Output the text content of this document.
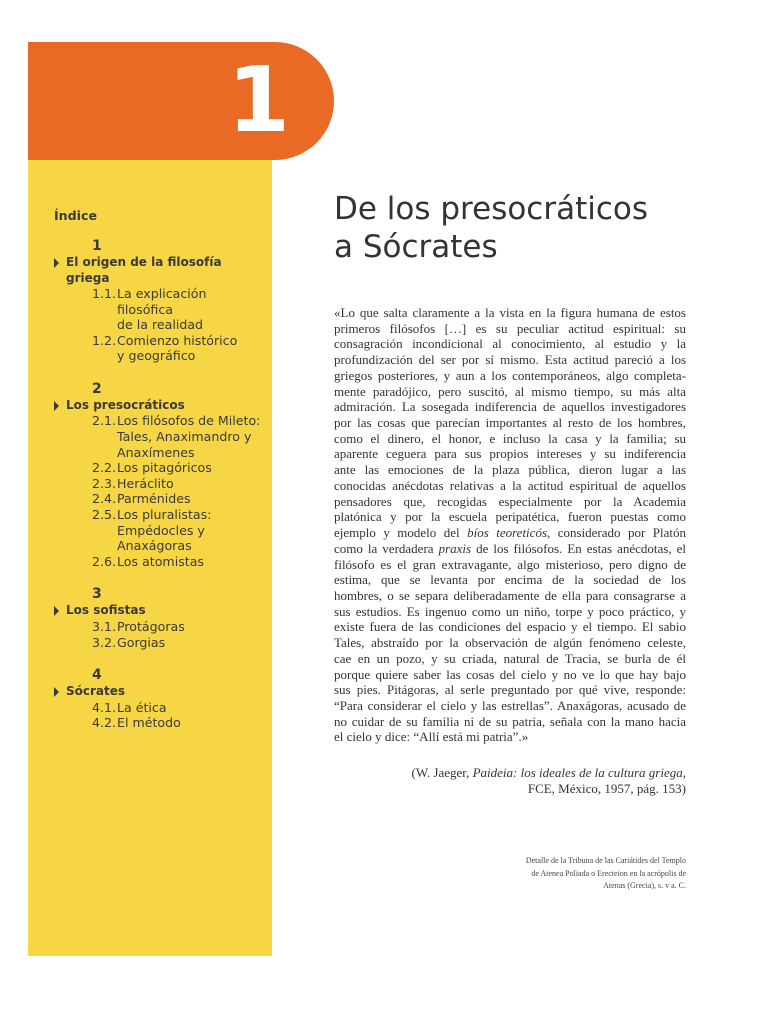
1
Índice
1
El origen de la filosofía
griega
1.1. La explicación filosófica
de la realidad
1.2. Comienzo histórico
y geográfico
2
Los presocráticos
2.1. Los filósofos de Mileto:
Tales, Anaximandro y
Anaxímenes
2.2. Los pitagóricos
2.3. Heráclito
2.4. Parménides
2.5. Los pluralistas:
Empédocles y
Anaxágoras
2.6. Los atomistas
3
Los sofistas
3.1. Protágoras
3.2. Gorgias
4
Sócrates
4.1. La ética
4.2. El método
De los presocráticos
a Sócrates
«Lo que salta claramente a la vista en la figura humana de estos
primeros filósofos […] es su peculiar actitud espiritual: su
consagración incondicional al conocimiento, al estudio y la
profundización del ser por sí mismo. Esta actitud pareció a los
griegos posteriores, y aun a los contemporáneos, algo completa-
mente paradójico, pero suscitó, al mismo tiempo, su más alta
admiración. La sosegada indiferencia de aquellos investigadores
por las cosas que parecían importantes al resto de los hombres,
como el dinero, el honor, e incluso la casa y la familia; su
aparente ceguera para sus propios intereses y su indiferencia
ante las emociones de la plaza pública, dieron lugar a las
conocidas anécdotas relativas a la actitud espiritual de aquellos
pensadores que, recogidas especialmente por la Academia
platónica y por la escuela peripatética, fueron puestas como
ejemplo y modelo del bíos teoreticós, considerado por Platón
como la verdadera praxis de los filósofos. En estas anécdotas, el
filósofo es el gran extravagante, algo misterioso, pero digno de
estima, que se levanta por encima de la sociedad de los
hombres, o se separa deliberadamente de ella para consagrarse a
sus estudios. Es ingenuo como un niño, torpe y poco práctico, y
existe fuera de las condiciones del espacio y el tiempo. El sabio
Tales, abstraído por la observación de algún fenómeno celeste,
cae en un pozo, y su criada, natural de Tracia, se burla de él
porque quiere saber las cosas del cielo y no ve lo que hay bajo
sus pies. Pitágoras, al serle preguntado por qué vive, responde:
“Para considerar el cielo y las estrellas”. Anaxágoras, acusado de
no cuidar de su familia ni de su patria, señala con la mano hacia
el cielo y dice: “Allí está mi patria”.»
(W. Jaeger, Paideia: los ideales de la cultura griega,
FCE, México, 1957, pág. 153)
Detalle de la Tribuna de las Cariátides del Templo
de Atenea Poliada o Erecteion en la acrópolis de
Atenas (Grecia), s. v a. C.
